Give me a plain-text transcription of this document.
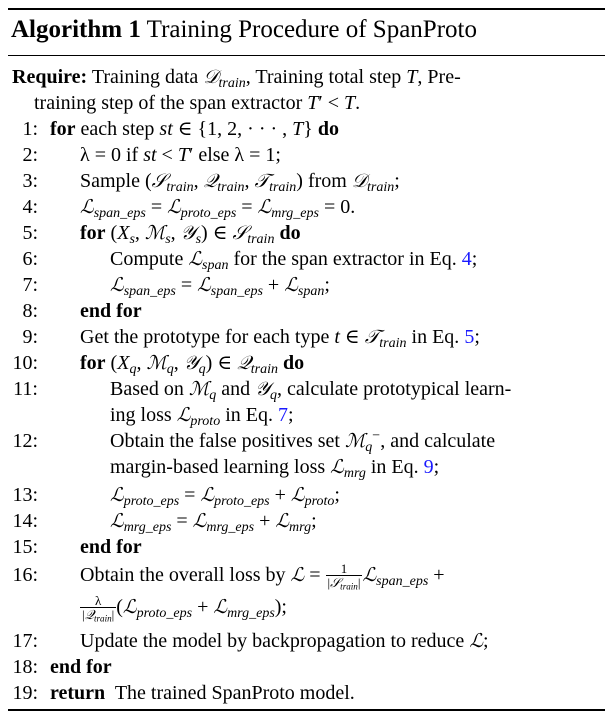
Algorithm 1 Training Procedure of SpanProto
Require: Training data 𝒟$_{train}$, Training total step T, Pre-
training step of the span extractor T′ < T.
1: for each step st ∈ {1, 2, · · · , T} do
2: λ = 0 if st < T′ else λ = 1;
3: Sample (𝒮$_{train}$, 𝒬$_{train}$, 𝒯$_{train}$) from 𝒟$_{train}$;
4: ℒ$_{span\_eps}$ = ℒ$_{proto\_eps}$ = ℒ$_{mrg\_eps}$ = 0.
5: for ($X_s$, ℳ$_s$, 𝒴$_s$) ∈ 𝒮$_{train}$ do
6:	Compute ℒ$_{span}$ for the span extractor in Eq. 4;
7:	ℒ$_{span\_eps}$ = ℒ$_{span\_eps}$ + ℒ$_{span}$;
8: end for
9: Get the prototype for each type t ∈ 𝒯$_{train}$ in Eq. 5;
10: for ($X_q$, ℳ$_q$, 𝒴$_q$) ∈ 𝒬$_{train}$ do
11:	Based on ℳ$_q$ and 𝒴$_q$, calculate prototypical learn-
ing loss ℒ$_{proto}$ in Eq. 7;
12:	Obtain the false positives set ℳ$_q$−, and calculate
margin-based learning loss ℒ$_{mrg}$ in Eq. 9;
13:	ℒ$_{proto\_eps}$ = ℒ$_{proto\_eps}$ + ℒ$_{proto}$;
14:	ℒ$_{mrg\_eps}$ = ℒ$_{mrg\_eps}$ + ℒ$_{mrg}$;
15: end for
16: Obtain the overall loss by ℒ = $\frac{1}{|𝒮_{train}|}$ ℒ$_{span\_eps}$ +
$\frac{\lambda}{|𝒬_{train}|}$ (ℒ$_{proto\_eps}$ + ℒ$_{mrg\_eps}$);
17: Update the model by backpropagation to reduce ℒ;
18: end for
19: return  The trained SpanProto model.
